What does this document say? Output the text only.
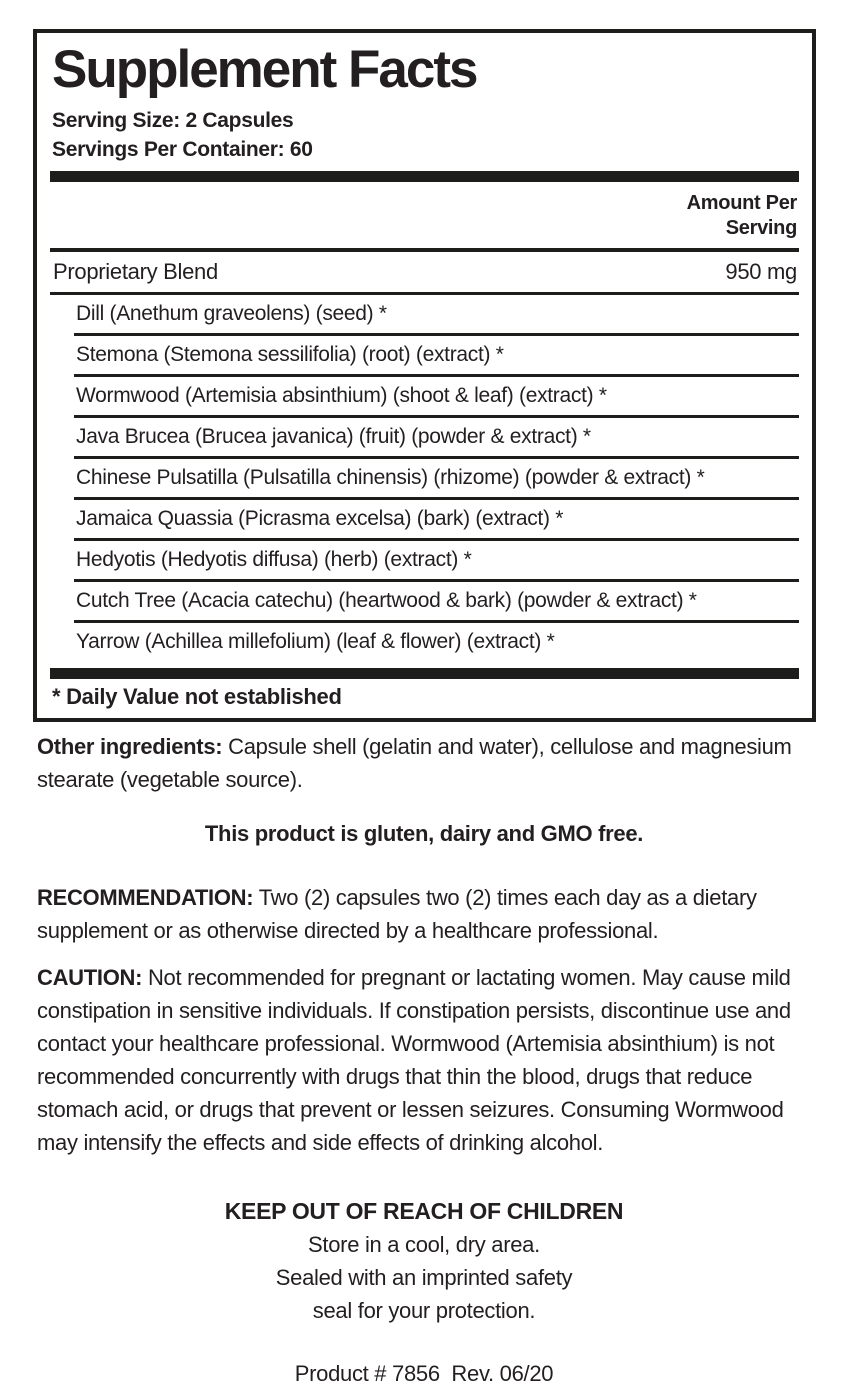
Supplement Facts
Serving Size: 2 Capsules
Servings Per Container: 60
Amount Per
Serving
Proprietary Blend	950 mg
Dill (Anethum graveolens) (seed) *
Stemona (Stemona sessilifolia) (root) (extract) *
Wormwood (Artemisia absinthium) (shoot & leaf) (extract) *
Java Brucea (Brucea javanica) (fruit) (powder & extract) *
Chinese Pulsatilla (Pulsatilla chinensis) (rhizome) (powder & extract) *
Jamaica Quassia (Picrasma excelsa) (bark) (extract) *
Hedyotis (Hedyotis diffusa) (herb) (extract) *
Cutch Tree (Acacia catechu) (heartwood & bark) (powder & extract) *
Yarrow (Achillea millefolium) (leaf & flower) (extract) *
* Daily Value not established

Other ingredients: Capsule shell (gelatin and water), cellulose and magnesium stearate (vegetable source).

This product is gluten, dairy and GMO free.

RECOMMENDATION: Two (2) capsules two (2) times each day as a dietary supplement or as otherwise directed by a healthcare professional.

CAUTION: Not recommended for pregnant or lactating women. May cause mild constipation in sensitive individuals. If constipation persists, discontinue use and contact your healthcare professional. Wormwood (Artemisia absinthium) is not recommended concurrently with drugs that thin the blood, drugs that reduce stomach acid, or drugs that prevent or lessen seizures. Consuming Wormwood may intensify the effects and side effects of drinking alcohol.

KEEP OUT OF REACH OF CHILDREN
Store in a cool, dry area.
Sealed with an imprinted safety
seal for your protection.
Product # 7856  Rev. 06/20
